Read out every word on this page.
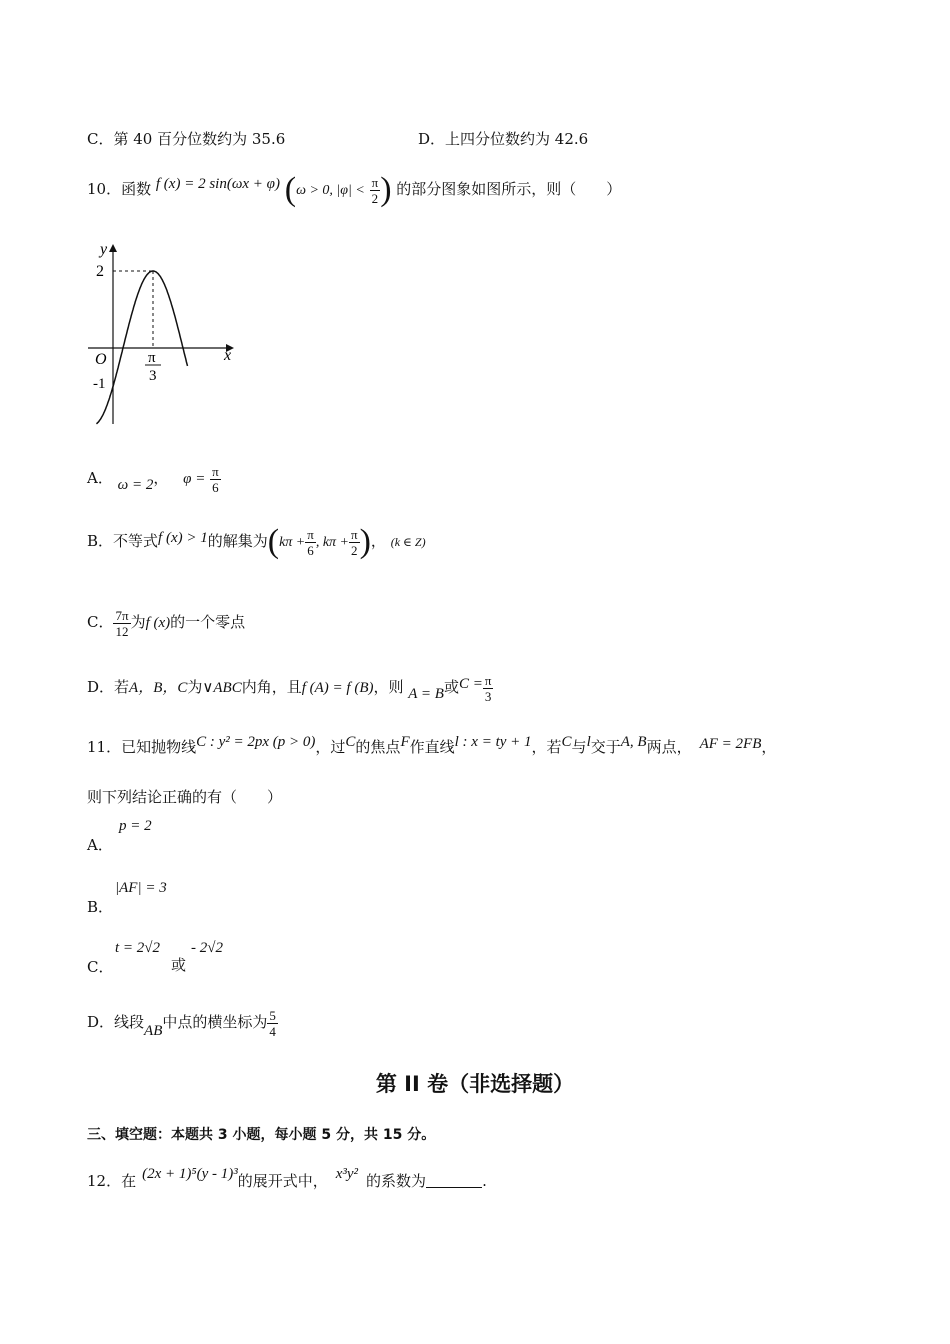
C．第 40 百分位数约为 35.6	D．上四分位数约为 42.6
10．函数 f (x) = 2 sin(ωx + φ) (ω > 0, $|\varphi| < \frac{\pi}{2}$ ) 的部分图象如图所示，则（　　）
y
x
2
O
-1
π
3
A． ω = 2， $\varphi = \frac{\pi}{6}$
B．不等式f (x) > 1的解集为($k\pi + \frac{\pi}{6}$ , $k\pi + \frac{\pi}{2}$ )， (k ∈ Z)
C． $\frac{7\pi}{12}$ 为f (x)的一个零点
D．若A，B，C为∨ABC内角，且f (A) = f (B)，则 A = B或$C = \frac{\pi}{3}$
11．已知抛物线C : y² = 2px (p > 0)，过C的焦点F作直线l : x = ty + 1，若C与l交于A, B两点， AF = 2FB，
则下列结论正确的有（　　）
p = 2
A．
|AF| = 3
B．
C．
t = 2√2
或
- 2√2
D．线段AB中点的横坐标为 $\frac{5}{4}$
第 II 卷（非选择题）
三、填空题：本题共 3 小题，每小题 5 分，共 15 分。
12．在 (2x + 1)⁵(y - 1)³的展开式中， x³y² 的系数为	.
